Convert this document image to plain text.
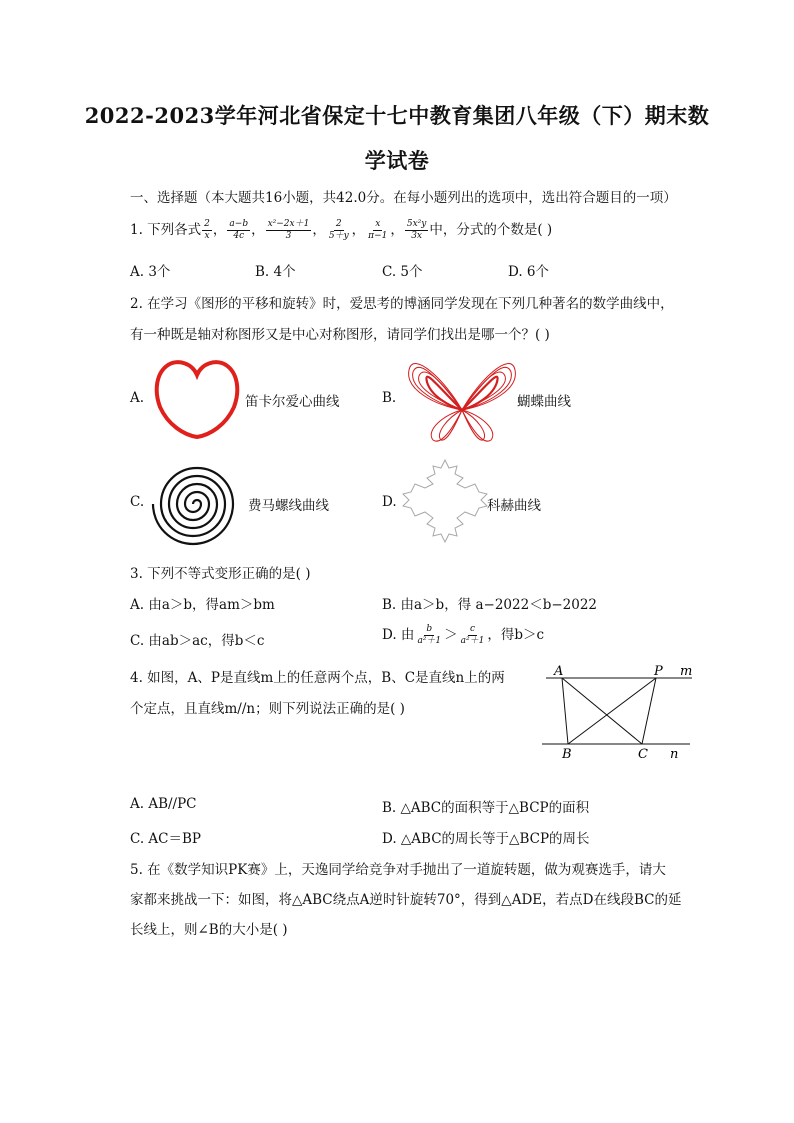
2022-2023学年河北省保定十七中教育集团八年级（下）期末数
学试卷
一、选择题（本大题共16小题，共42.0分。在每小题列出的选项中，选出符合题目的一项）
1. 下列各式 $\frac{2}{x}$ ， $\frac{a-b}{4c}$ ， $\frac{\text{x²−2x＋1}}{3}$ ， $\frac{2}{5+y}$ ， $\frac{x}{\pi-1}$ ， $\frac{\text{5x²y}}{3x}$ 中，分式的个数是( )
A. 3个	B. 4个	C. 5个	D. 6个
2. 在学习《图形的平移和旋转》时，爱思考的博涵同学发现在下列几种著名的数学曲线中，
有一种既是轴对称图形又是中心对称图形，请同学们找出是哪一个？( )
A.	笛卡尔爱心曲线	B.	蝴蝶曲线
C.	费马螺线曲线	D.	科赫曲线
3. 下列不等式变形正确的是( )
A. 由a＞b，得am＞bm	B. 由a＞b，得 a−2022＜b−2022
C. 由ab＞ac，得b＜c	D. 由 $\frac{b}{\text{a²＋1}} > \frac{c}{\text{a²＋1}}$ ，得b＞c
4. 如图，A、P是直线m上的任意两个点，B、C是直线n上的两
个定点，且直线m//n；则下列说法正确的是( )
A	P m
B	C n
A. AB//PC	B. △ABC的面积等于△BCP的面积
C. AC＝BP	D. △ABC的周长等于△BCP的周长
5. 在《数学知识PK赛》上，天逸同学给竞争对手抛出了一道旋转题，做为观赛选手，请大
家都来挑战一下：如图，将△ABC绕点A逆时针旋转70°，得到△ADE，若点D在线段BC的延
长线上，则∠B的大小是( )
